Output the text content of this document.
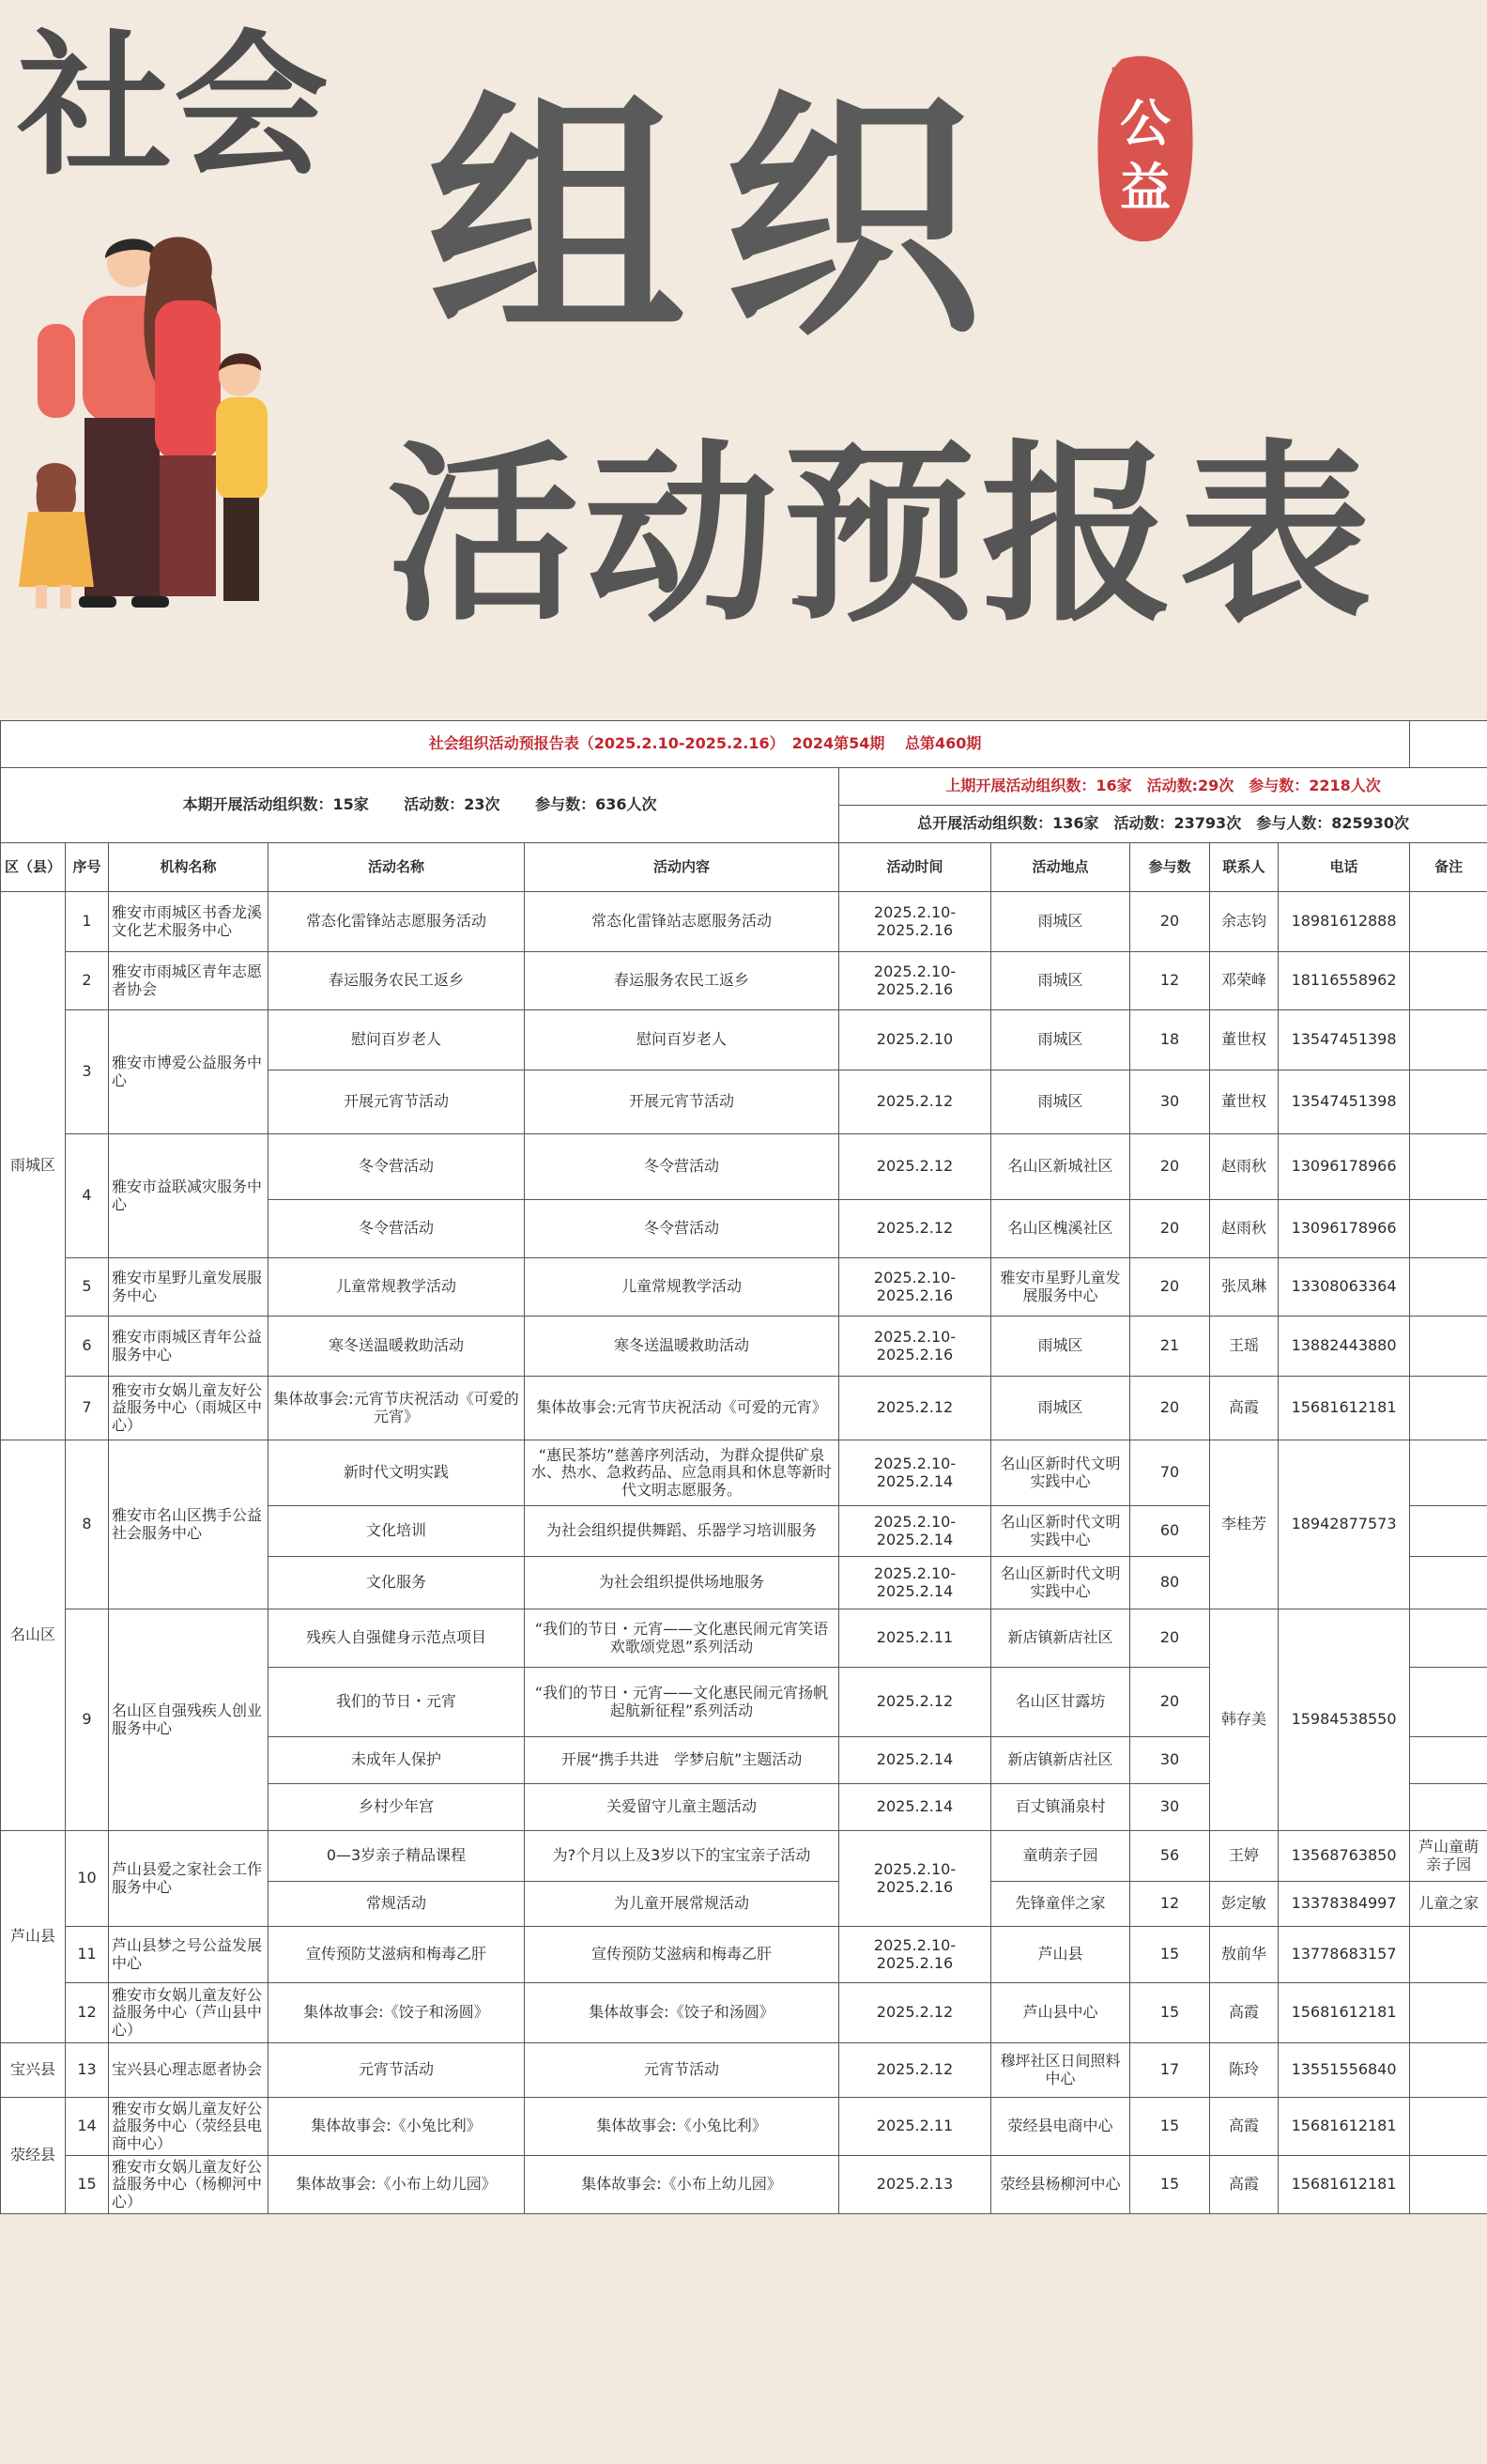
社会 组织
活动预报表
公
益
社会组织活动预报告表（2025.2.10-2025.2.16）　2024第54期　 总第460期										
本期开展活动组织数：15家　　 活动数：23次　　 参与数：636人次					上期开展活动组织数：16家　活动数:29次　参与数：2218人次					
					总开展活动组织数：136家　活动数：23793次　参与人数：825930次					
区（县）	序号	机构名称	活动名称	活动内容	活动时间	活动地点	参与数	联系人	电话	备注
雨城区	1	雅安市雨城区书香龙溪文化艺术服务中心	常态化雷锋站志愿服务活动	常态化雷锋站志愿服务活动	2025.2.10-2025.2.16	雨城区	20	余志钧	18981612888	
	2	雅安市雨城区青年志愿者协会	春运服务农民工返乡	春运服务农民工返乡	2025.2.10-2025.2.16	雨城区	12	邓荣峰	18116558962	
	3	雅安市博爱公益服务中心	慰问百岁老人	慰问百岁老人	2025.2.10	雨城区	18	董世权	13547451398	
			开展元宵节活动	开展元宵节活动	2025.2.12	雨城区	30	董世权	13547451398	
	4	雅安市益联减灾服务中心	冬令营活动	冬令营活动	2025.2.12	名山区新城社区	20	赵雨秋	13096178966	
			冬令营活动	冬令营活动	2025.2.12	名山区槐溪社区	20	赵雨秋	13096178966	
	5	雅安市星野儿童发展服务中心	儿童常规教学活动	儿童常规教学活动	2025.2.10-2025.2.16	雅安市星野儿童发展服务中心	20	张凤琳	13308063364	
	6	雅安市雨城区青年公益服务中心	寒冬送温暖救助活动	寒冬送温暖救助活动	2025.2.10-2025.2.16	雨城区	21	王瑶	13882443880	
	7	雅安市女娲儿童友好公益服务中心（雨城区中心）	集体故事会:元宵节庆祝活动《可爱的元宵》	集体故事会:元宵节庆祝活动《可爱的元宵》	2025.2.12	雨城区	20	高霞	15681612181	
名山区	8	雅安市名山区携手公益社会服务中心	新时代文明实践	“惠民茶坊”慈善序列活动，为群众提供矿泉水、热水、急救药品、应急雨具和休息等新时代文明志愿服务。	2025.2.10-2025.2.14	名山区新时代文明实践中心	70	李桂芳	18942877573	
			文化培训	为社会组织提供舞蹈、乐器学习培训服务	2025.2.10-2025.2.14	名山区新时代文明实践中心	60			
			文化服务	为社会组织提供场地服务	2025.2.10-2025.2.14	名山区新时代文明实践中心	80			
	9	名山区自强残疾人创业服务中心	残疾人自强健身示范点项目	“我们的节日・元宵——文化惠民闹元宵笑语欢歌颂党恩”系列活动	2025.2.11	新店镇新店社区	20	韩存美	15984538550	
			我们的节日・元宵	“我们的节日・元宵——文化惠民闹元宵扬帆起航新征程”系列活动	2025.2.12	名山区甘露坊	20			
			未成年人保护	开展“携手共进　学梦启航”主题活动	2025.2.14	新店镇新店社区	30			
			乡村少年宫	关爱留守儿童主题活动	2025.2.14	百丈镇涌泉村	30			
芦山县	10	芦山县爱之家社会工作服务中心	0—3岁亲子精品课程	为?个月以上及3岁以下的宝宝亲子活动	2025.2.10-2025.2.16	童萌亲子园	56	王婷	13568763850	芦山童萌亲子园
			常规活动	为儿童开展常规活动		先锋童伴之家	12	彭定敏	13378384997	儿童之家
	11	芦山县梦之号公益发展中心	宣传预防艾滋病和梅毒乙肝	宣传预防艾滋病和梅毒乙肝	2025.2.10-2025.2.16	芦山县	15	敖前华	13778683157	
	12	雅安市女娲儿童友好公益服务中心（芦山县中心）	集体故事会:《饺子和汤圆》	集体故事会:《饺子和汤圆》	2025.2.12	芦山县中心	15	高霞	15681612181	
宝兴县	13	宝兴县心理志愿者协会	元宵节活动	元宵节活动	2025.2.12	穆坪社区日间照料中心	17	陈玲	13551556840	
荥经县	14	雅安市女娲儿童友好公益服务中心（荥经县电商中心）	集体故事会:《小兔比利》	集体故事会:《小兔比利》	2025.2.11	荥经县电商中心	15	高霞	15681612181	
	15	雅安市女娲儿童友好公益服务中心（杨柳河中心）	集体故事会:《小布上幼儿园》	集体故事会:《小布上幼儿园》	2025.2.13	荥经县杨柳河中心	15	高霞	15681612181	
